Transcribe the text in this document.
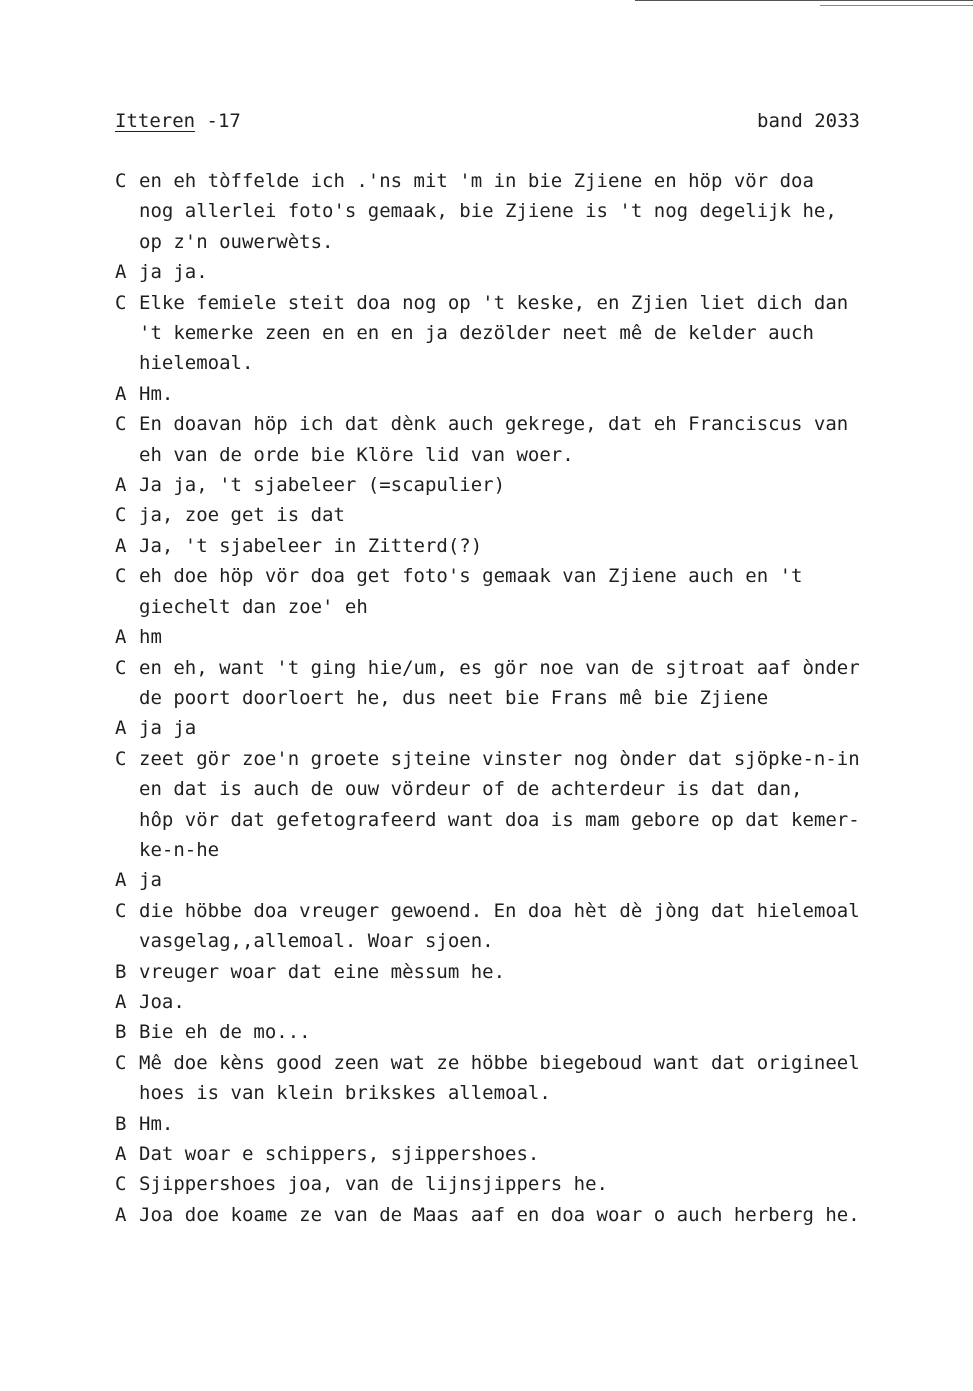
Itteren -17	band 2033
C en eh tòffelde ich .'ns mit 'm in bie Zjiene en höp vör doa
nog allerlei foto's gemaak, bie Zjiene is 't nog degelijk he,
op z'n ouwerwèts.
A ja ja.
C Elke femiele steit doa nog op 't keske, en Zjien liet dich dan
't kemerke zeen en en en ja dezölder neet mê de kelder auch
hielemoal.
A Hm.
C En doavan höp ich dat dènk auch gekrege, dat eh Franciscus van
eh van de orde bie Klöre lid van woer.
A Ja ja, 't sjabeleer (=scapulier)
C ja, zoe get is dat
A Ja, 't sjabeleer in Zitterd(?)
C eh doe höp vör doa get foto's gemaak van Zjiene auch en 't
giechelt dan zoe' eh
A hm
C en eh, want 't ging hie/um, es gör noe van de sjtroat aaf ònder
de poort doorloert he, dus neet bie Frans mê bie Zjiene
A ja ja
C zeet gör zoe'n groete sjteine vinster nog ònder dat sjöpke-n-in
en dat is auch de ouw vördeur of de achterdeur is dat dan,
hôp vör dat gefetografeerd want doa is mam gebore op dat kemer-
ke-n-he
A ja
C die höbbe doa vreuger gewoend. En doa hèt dè jòng dat hielemoal
vasgelag,,allemoal. Woar sjoen.
B vreuger woar dat eine mèssum he.
A Joa.
B Bie eh de mo...
C Mê doe kèns good zeen wat ze höbbe biegeboud want dat origineel
hoes is van klein brikskes allemoal.
B Hm.
A Dat woar e schippers, sjippershoes.
C Sjippershoes joa, van de lijnsjippers he.
A Joa doe koame ze van de Maas aaf en doa woar o auch herberg he.
